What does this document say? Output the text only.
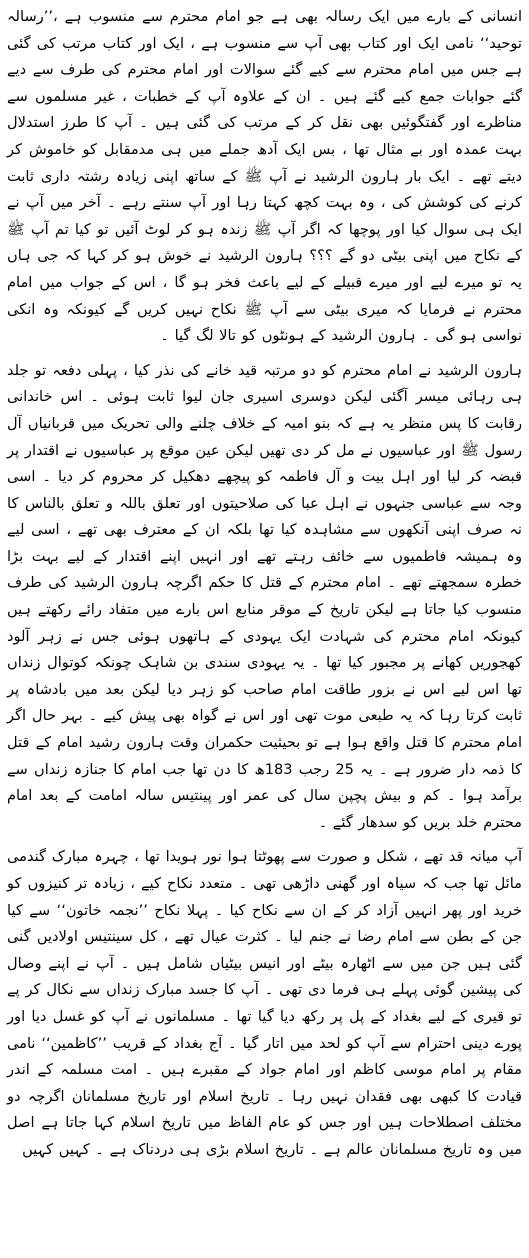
انسانی کے بارے میں ایک رسالہ بھی ہے جو امام محترم سے منسوب ہے ،’’رسالہ توحید‘‘ نامی ایک اور کتاب بھی آپ سے منسوب ہے ، ایک اور کتاب مرتب کی گئی ہے جس میں امام محترم سے کیے گئے سوالات اور امام محترم کی طرف سے دیے گئے جوابات جمع کیے گئے ہیں ۔ ان کے علاوہ آپ کے خطبات ، غیر مسلموں سے مناظرے اور گفتگوئیں بھی نقل کر کے مرتب کی گئی ہیں ۔ آپ کا طرز استدلال بہت عمدہ اور بے مثال تھا ، بس ایک آدھ جملے میں ہی مدمقابل کو خاموش کر دیتے تھے ۔ ایک بار ہارون الرشید نے آپ ﷺ کے ساتھ اپنی زیادہ رشتہ داری ثابت کرنے کی کوشش کی ، وہ بہت کچھ کہتا رہا اور آپ سنتے رہے ۔ آخر میں آپ نے ایک ہی سوال کیا اور پوچھا کہ اگر آپ ﷺ زندہ ہو کر لوٹ آئیں تو کیا تم آپ ﷺ کے نکاح میں اپنی بیٹی دو گے ؟؟؟ ہارون الرشید نے خوش ہو کر کہا کہ جی ہاں یہ تو میرے لیے اور میرے قبیلے کے لیے باعث فخر ہو گا ، اس کے جواب میں امام محترم نے فرمایا کہ میری بیٹی سے آپ ﷺ نکاح نہیں کریں گے کیونکہ وہ انکی نواسی ہو گی ۔ ہارون الرشید کے ہونٹوں کو تالا لگ گیا ۔

ہارون الرشید نے امام محترم کو دو مرتبہ قید خانے کی نذر کیا ، پہلی دفعہ تو جلد ہی رہائی میسر آگئی لیکن دوسری اسیری جان لیوا ثابت ہوئی ۔ اس خاندانی رقابت کا پس منظر یہ ہے کہ بنو امیہ کے خلاف چلنے والی تحریک میں قربانیاں آل رسول ﷺ اور عباسیوں نے مل کر دی تھیں لیکن عین موقع پر عباسیوں نے اقتدار پر قبضہ کر لیا اور اہل بیت و آل فاطمہ کو پیچھے دھکیل کر محروم کر دیا ۔ اسی وجہ سے عباسی جنہوں نے اہل عبا کی صلاحیتوں اور تعلق باللہ و تعلق بالناس کا نہ صرف اپنی آنکھوں سے مشاہدہ کیا تھا بلکہ ان کے معترف بھی تھے ، اسی لیے وہ ہمیشہ فاطمیوں سے خائف رہتے تھے اور انہیں اپنے اقتدار کے لیے بہت بڑا خطرہ سمجھتے تھے ۔ امام محترم کے قتل کا حکم اگرچہ ہارون الرشید کی طرف منسوب کیا جاتا ہے لیکن تاریخ کے موقر منابع اس بارے میں متفاد رائے رکھتے ہیں کیونکہ امام محترم کی شہادت ایک یہودی کے ہاتھوں ہوئی جس نے زہر آلود کھجوریں کھانے پر مجبور کیا تھا ۔ یہ یہودی سندی بن شاہک چونکہ کوتوال زنداں تھا اس لیے اس نے بزور طاقت امام صاحب کو زہر دیا لیکن بعد میں بادشاہ پر ثابت کرتا رہا کہ یہ طبعی موت تھی اور اس نے گواہ بھی پیش کیے ۔ بہر حال اگر امام محترم کا قتل واقع ہوا ہے تو بحیثیت حکمران وقت ہارون رشید امام کے قتل کا ذمہ دار ضرور ہے ۔ یہ 25 رجب 183ھ کا دن تھا جب امام کا جنازہ زنداں سے برآمد ہوا ۔ کم و بیش پچپن سال کی عمر اور پینتیس سالہ امامت کے بعد امام محترم خلد بریں کو سدھار گئے ۔

آپ میانہ قد تھے ، شکل و صورت سے پھوٹتا ہوا نور ہویدا تھا ، چہرہ مبارک گندمی مائل تھا جب کہ سیاہ اور گھنی داڑھی تھی ۔ متعدد نکاح کیے ، زیادہ تر کنیزوں کو خرید اور پھر انہیں آزاد کر کے ان سے نکاح کیا ۔ پہلا نکاح ’’نجمہ خاتون‘‘ سے کیا جن کے بطن سے امام رضا نے جنم لیا ۔ کثرت عیال تھے ، کل سینتیس اولادیں گنی گئی ہیں جن میں سے اٹھارہ بیٹے اور انیس بیٹیاں شامل ہیں ۔ آپ نے اپنے وصال کی پیشین گوئی پہلے ہی فرما دی تھی ۔ آپ کا جسد مبارک زنداں سے نکال کر پے تو قیری کے لیے بغداد کے پل پر رکھ دیا گیا تھا ۔ مسلمانوں نے آپ کو غسل دیا اور پورے دینی احترام سے آپ کو لحد میں اتار گیا ۔ آج بغداد کے قریب ’’کاظمین‘‘ نامی مقام پر امام موسی کاظم اور امام جواد کے مقبرے ہیں ۔ امت مسلمہ کے اندر قیادت کا کبھی بھی فقدان نہیں رہا ۔ تاریخ اسلام اور تاریخ مسلمانان اگرچہ دو مختلف اصطلاحات ہیں اور جس کو عام الفاظ میں تاریخ اسلام کہا جاتا ہے اصل میں وہ تاریخ مسلمانان عالم ہے ۔ تاریخ اسلام بڑی ہی دردناک ہے ۔ کہیں کہیں
